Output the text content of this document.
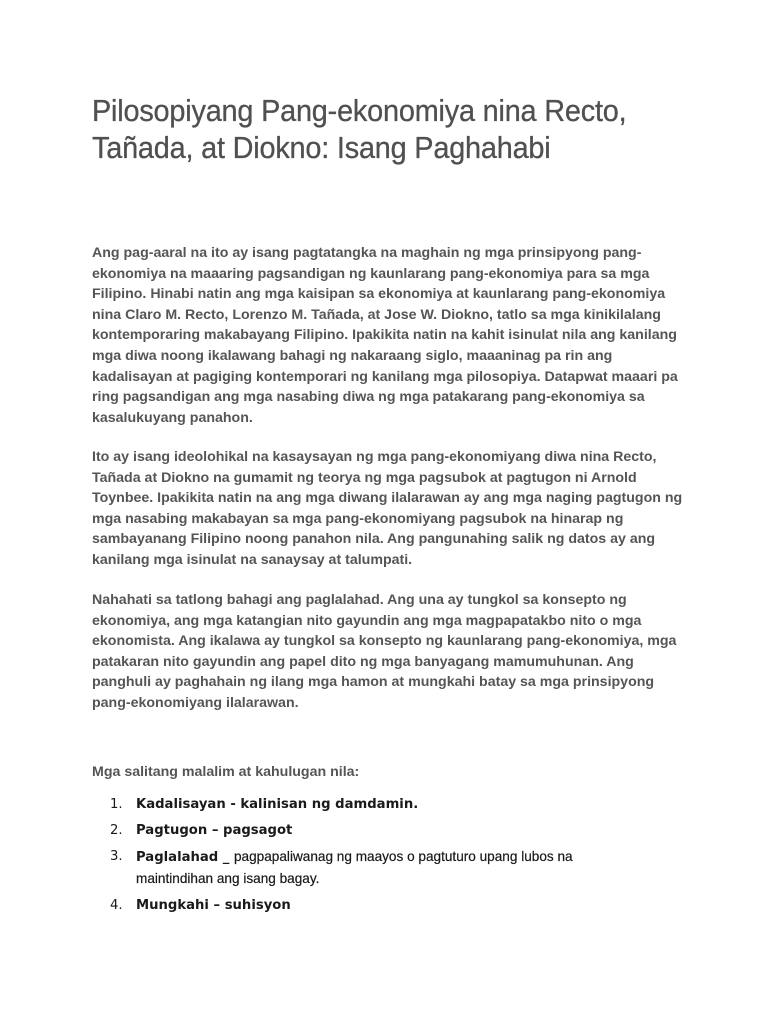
Pilosopiyang Pang-ekonomiya nina Recto, Tañada, at Diokno: Isang Paghahabi

Ang pag-aaral na ito ay isang pagtatangka na maghain ng mga prinsipyong pang-ekonomiya na maaaring pagsandigan ng kaunlarang pang-ekonomiya para sa mga Filipino. Hinabi natin ang mga kaisipan sa ekonomiya at kaunlarang pang-ekonomiya nina Claro M. Recto, Lorenzo M. Tañada, at Jose W. Diokno, tatlo sa mga kinikilalang kontemporaring makabayang Filipino. Ipakikita natin na kahit isinulat nila ang kanilang mga diwa noong ikalawang bahagi ng nakaraang siglo, maaaninag pa rin ang kadalisayan at pagiging kontemporari ng kanilang mga pilosopiya. Datapwat maaari pa ring pagsandigan ang mga nasabing diwa ng mga patakarang pang-ekonomiya sa kasalukuyang panahon.

Ito ay isang ideolohikal na kasaysayan ng mga pang-ekonomiyang diwa nina Recto, Tañada at Diokno na gumamit ng teorya ng mga pagsubok at pagtugon ni Arnold Toynbee. Ipakikita natin na ang mga diwang ilalarawan ay ang mga naging pagtugon ng mga nasabing makabayan sa mga pang-ekonomiyang pagsubok na hinarap ng sambayanang Filipino noong panahon nila. Ang pangunahing salik ng datos ay ang kanilang mga isinulat na sanaysay at talumpati.

Nahahati sa tatlong bahagi ang paglalahad. Ang una ay tungkol sa konsepto ng ekonomiya, ang mga katangian nito gayundin ang mga magpapatakbo nito o mga ekonomista. Ang ikalawa ay tungkol sa konsepto ng kaunlarang pang-ekonomiya, mga patakaran nito gayundin ang papel dito ng mga banyagang mamumuhunan. Ang panghuli ay paghahain ng ilang mga hamon at mungkahi batay sa mga prinsipyong pang-ekonomiyang ilalarawan.

Mga salitang malalim at kahulugan nila:

1. Kadalisayan - kalinisan ng damdamin.
2. Pagtugon – pagsagot
3. Paglalahad _ pagpapaliwanag ng maayos o pagtuturo upang lubos na maintindihan ang isang bagay.
4. Mungkahi – suhisyon
